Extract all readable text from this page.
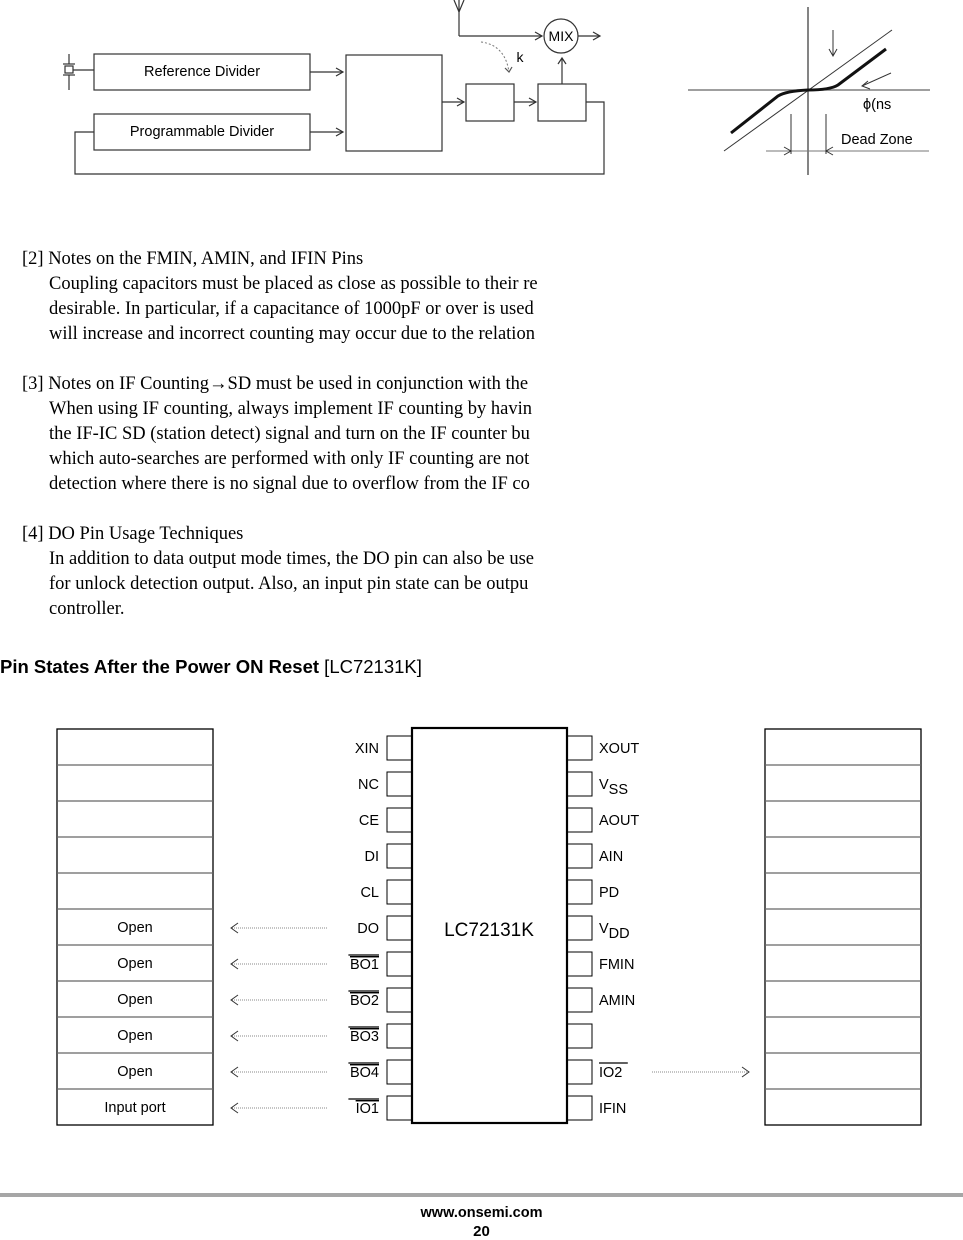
Reference Divider
Programmable Divider
MIX
k
ϕ(ns
Dead Zone
[2] Notes on the FMIN, AMIN, and IFIN Pins
Coupling capacitors must be placed as close as possible to their re
desirable. In particular, if a capacitance of 1000pF or over is used
will increase and incorrect counting may occur due to the relation
[3] Notes on IF Counting→SD must be used in conjunction with the
When using IF counting, always implement IF counting by havin
the IF-IC SD (station detect) signal and turn on the IF counter bu
which auto-searches are performed with only IF counting are not
detection where there is no signal due to overflow from the IF co
[4] DO Pin Usage Techniques
In addition to data output mode times, the DO pin can also be use
for unlock detection output. Also, an input pin state can be outpu
controller.
Pin States After the Power ON Reset [LC72131K]
Open
Open
Open
Open
Open
Input port
XIN
NC
CE
DI
CL
DO
BO1
BO2
BO3
BO4
IO1
XOUT
VSS
AOUT
AIN
PD
VDD
FMIN
AMIN
IO2
IFIN
LC72131K
www.onsemi.com
20
